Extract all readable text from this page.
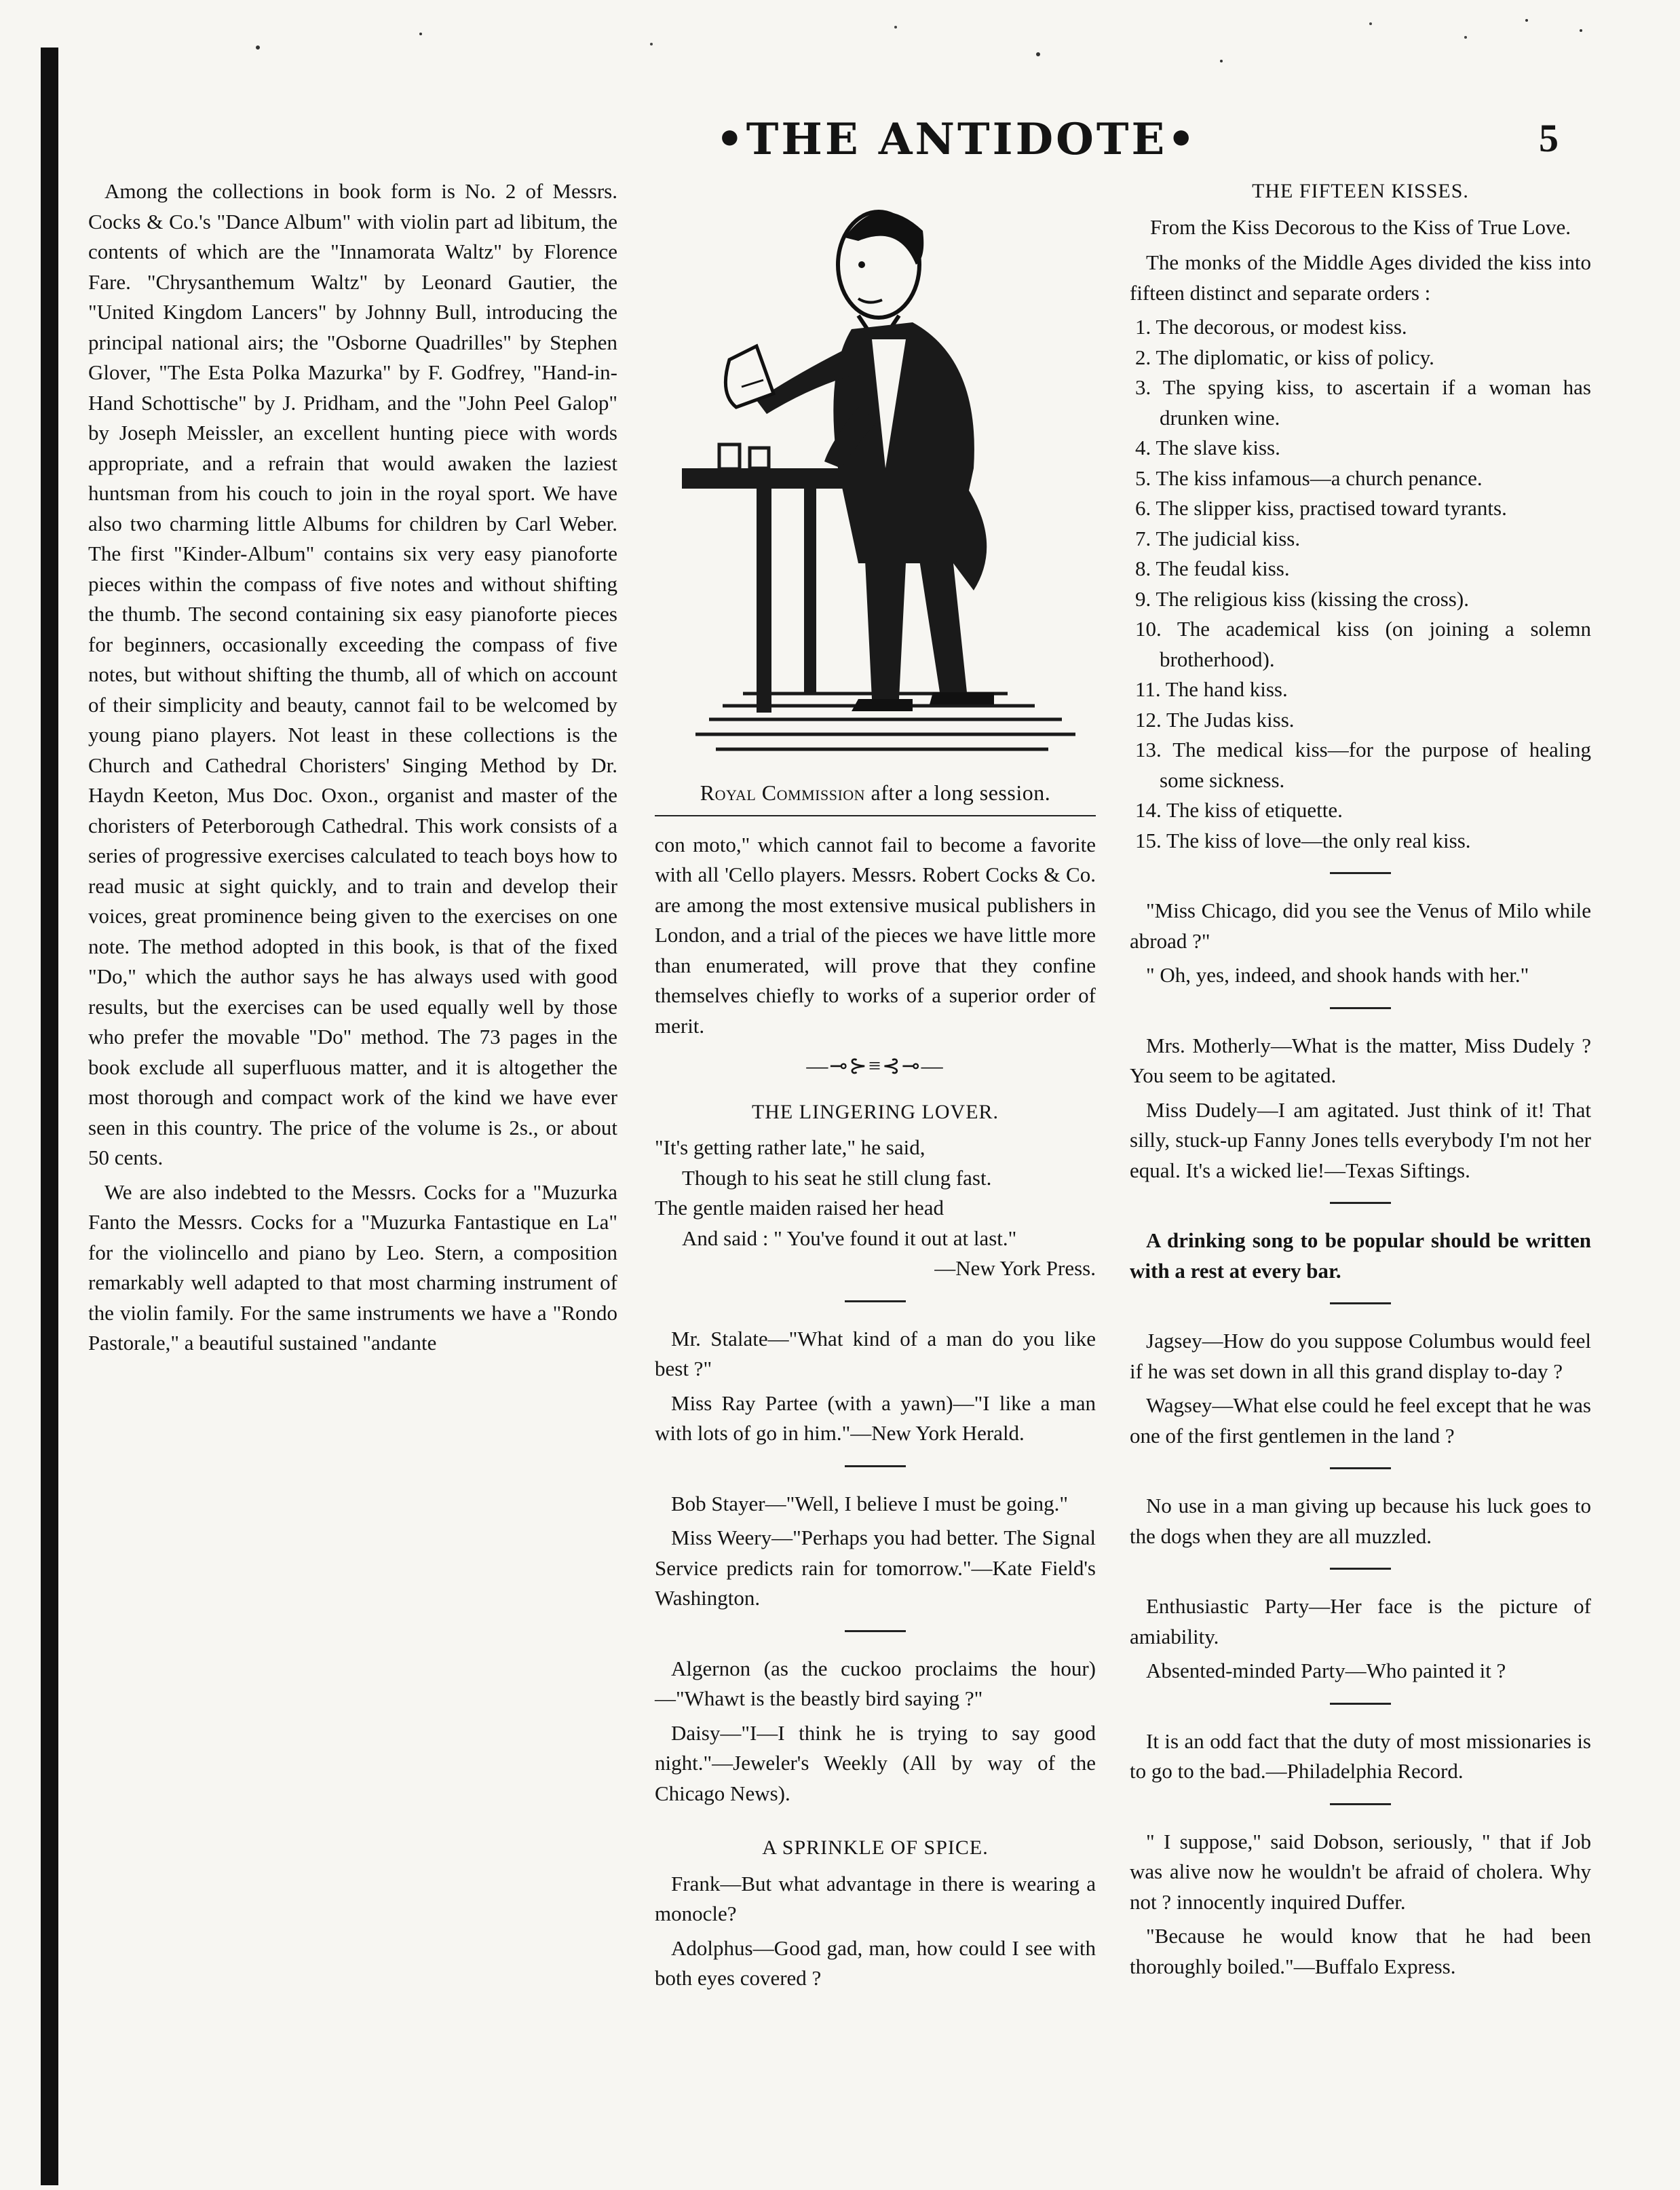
•THE ANTIDOTE•	5

Among the collections in book form is No. 2 of Messrs. Cocks & Co.'s "Dance Album" with violin part ad libitum, the contents of which are the "Innamorata Waltz" by Florence Fare. "Chrysanthemum Waltz" by Leonard Gautier, the "United Kingdom Lancers" by Johnny Bull, introducing the principal national airs; the "Osborne Quadrilles" by Stephen Glover, "The Esta Polka Mazurka" by F. Godfrey, "Hand-in-Hand Schottische" by J. Pridham, and the "John Peel Galop" by Joseph Meissler, an excellent hunting piece with words appropriate, and a refrain that would awaken the laziest huntsman from his couch to join in the royal sport. We have also two charming little Albums for children by Carl Weber. The first "Kinder-Album" contains six very easy pianoforte pieces within the compass of five notes and without shifting the thumb. The second containing six easy pianoforte pieces for beginners, occasionally exceeding the compass of five notes, but without shifting the thumb, all of which on account of their simplicity and beauty, cannot fail to be welcomed by young piano players. Not least in these collections is the Church and Cathedral Choristers' Singing Method by Dr. Haydn Keeton, Mus Doc. Oxon., organist and master of the choristers of Peterborough Cathedral. This work consists of a series of progressive exercises calculated to teach boys how to read music at sight quickly, and to train and develop their voices, great prominence being given to the exercises on one note. The method adopted in this book, is that of the fixed "Do," which the author says he has always used with good results, but the exercises can be used equally well by those who prefer the movable "Do" method. The 73 pages in the book exclude all superfluous matter, and it is altogether the most thorough and compact work of the kind we have ever seen in this country. The price of the volume is 2s., or about 50 cents.

We are also indebted to the Messrs. Cocks for a "Muzurka Fanto the Messrs. Cocks for a "Muzurka Fantastique en La" for the violincello and piano by Leo. Stern, a composition remarkably well adapted to that most charming instrument of the violin family. For the same instruments we have a "Rondo Pastorale," a beautiful sustained "andante

Royal Commission after a long session.

con moto," which cannot fail to become a favorite with all 'Cello players. Messrs. Robert Cocks & Co. are among the most extensive musical publishers in London, and a trial of the pieces we have little more than enumerated, will prove that they confine themselves chiefly to works of a superior order of merit.

—⊸⊱≡⊰⊸—
THE LINGERING LOVER.
"It's getting rather late," he said,
Though to his seat he still clung fast.
The gentle maiden raised her head
And said : " You've found it out at last."
—New York Press.

Mr. Stalate—"What kind of a man do you like best ?"

Miss Ray Partee (with a yawn)—"I like a man with lots of go in him."—New York Herald.

Bob Stayer—"Well, I believe I must be going."

Miss Weery—"Perhaps you had better. The Signal Service predicts rain for tomorrow."—Kate Field's Washington.

Algernon (as the cuckoo proclaims the hour)—"Whawt is the beastly bird saying ?"

Daisy—"I—I think he is trying to say good night."—Jeweler's Weekly (All by way of the Chicago News).

A SPRINKLE OF SPICE.

Frank—But what advantage in there is wearing a monocle?

Adolphus—Good gad, man, how could I see with both eyes covered ?

THE FIFTEEN KISSES.
From the Kiss Decorous to the Kiss of True Love.

The monks of the Middle Ages divided the kiss into fifteen distinct and separate orders :

1. The decorous, or modest kiss.
2. The diplomatic, or kiss of policy.
3. The spying kiss, to ascertain if a woman has drunken wine.
4. The slave kiss.
5. The kiss infamous—a church penance.
6. The slipper kiss, practised toward tyrants.
7. The judicial kiss.
8. The feudal kiss.
9. The religious kiss (kissing the cross).
10. The academical kiss (on joining a solemn brotherhood).
11. The hand kiss.
12. The Judas kiss.
13. The medical kiss—for the purpose of healing some sickness.
14. The kiss of etiquette.
15. The kiss of love—the only real kiss.

"Miss Chicago, did you see the Venus of Milo while abroad ?"

" Oh, yes, indeed, and shook hands with her."

Mrs. Motherly—What is the matter, Miss Dudely ? You seem to be agitated.

Miss Dudely—I am agitated. Just think of it! That silly, stuck-up Fanny Jones tells everybody I'm not her equal. It's a wicked lie!—Texas Siftings.

A drinking song to be popular should be written with a rest at every bar.

Jagsey—How do you suppose Columbus would feel if he was set down in all this grand display to-day ?

Wagsey—What else could he feel except that he was one of the first gentlemen in the land ?

No use in a man giving up because his luck goes to the dogs when they are all muzzled.

Enthusiastic Party—Her face is the picture of amiability.

Absented-minded Party—Who painted it ?

It is an odd fact that the duty of most missionaries is to go to the bad.—Philadelphia Record.

" I suppose," said Dobson, seriously, " that if Job was alive now he wouldn't be afraid of cholera. Why not ? innocently inquired Duffer.

"Because he would know that he had been thoroughly boiled."—Buffalo Express.
